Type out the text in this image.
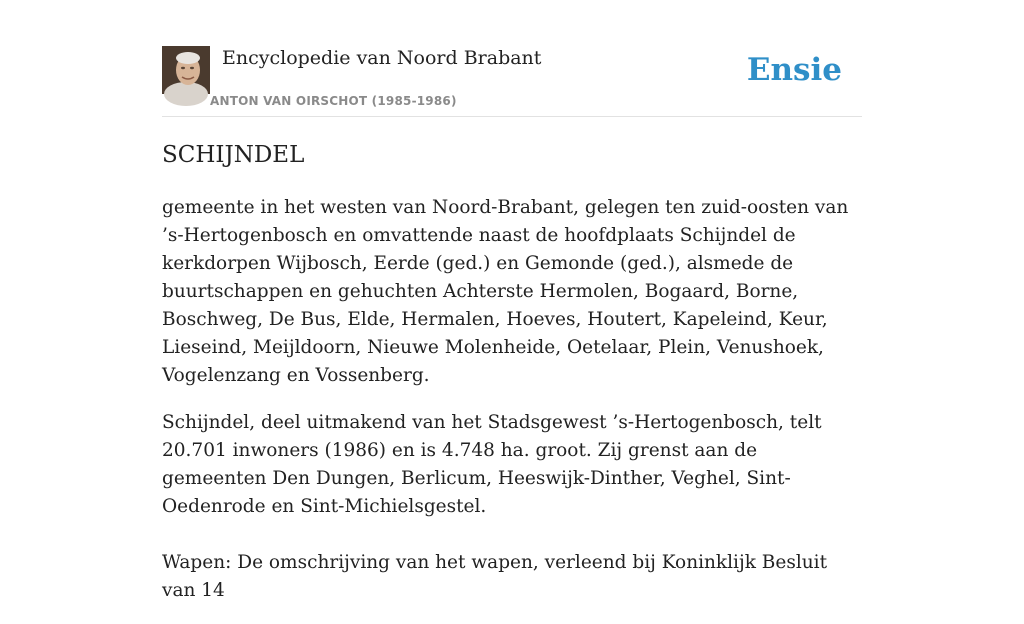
Encyclopedie van Noord Brabant
ANTON VAN OIRSCHOT (1985-1986)
Ensie
SCHIJNDEL

gemeente in het westen van Noord-Brabant, gelegen ten zuid-oosten van ’s-Hertogenbosch en omvattende naast de hoofdplaats Schijndel de kerkdorpen Wijbosch, Eerde (ged.) en Gemonde (ged.), alsmede de buurtschappen en gehuchten Achterste Hermolen, Bogaard, Borne, Boschweg, De Bus, Elde, Hermalen, Hoeves, Houtert, Kapeleind, Keur, Lieseind, Meijldoorn, Nieuwe Molenheide, Oetelaar, Plein, Venushoek, Vogelenzang en Vossenberg.

Schijndel, deel uitmakend van het Stadsgewest ’s-Hertogenbosch, telt 20.701 inwoners (1986) en is 4.748 ha. groot. Zij grenst aan de gemeenten Den Dungen, Berlicum, Heeswijk-Dinther, Veghel, Sint-Oedenrode en Sint-Michielsgestel.

Wapen: De omschrijving van het wapen, verleend bij Koninklijk Besluit van 14
